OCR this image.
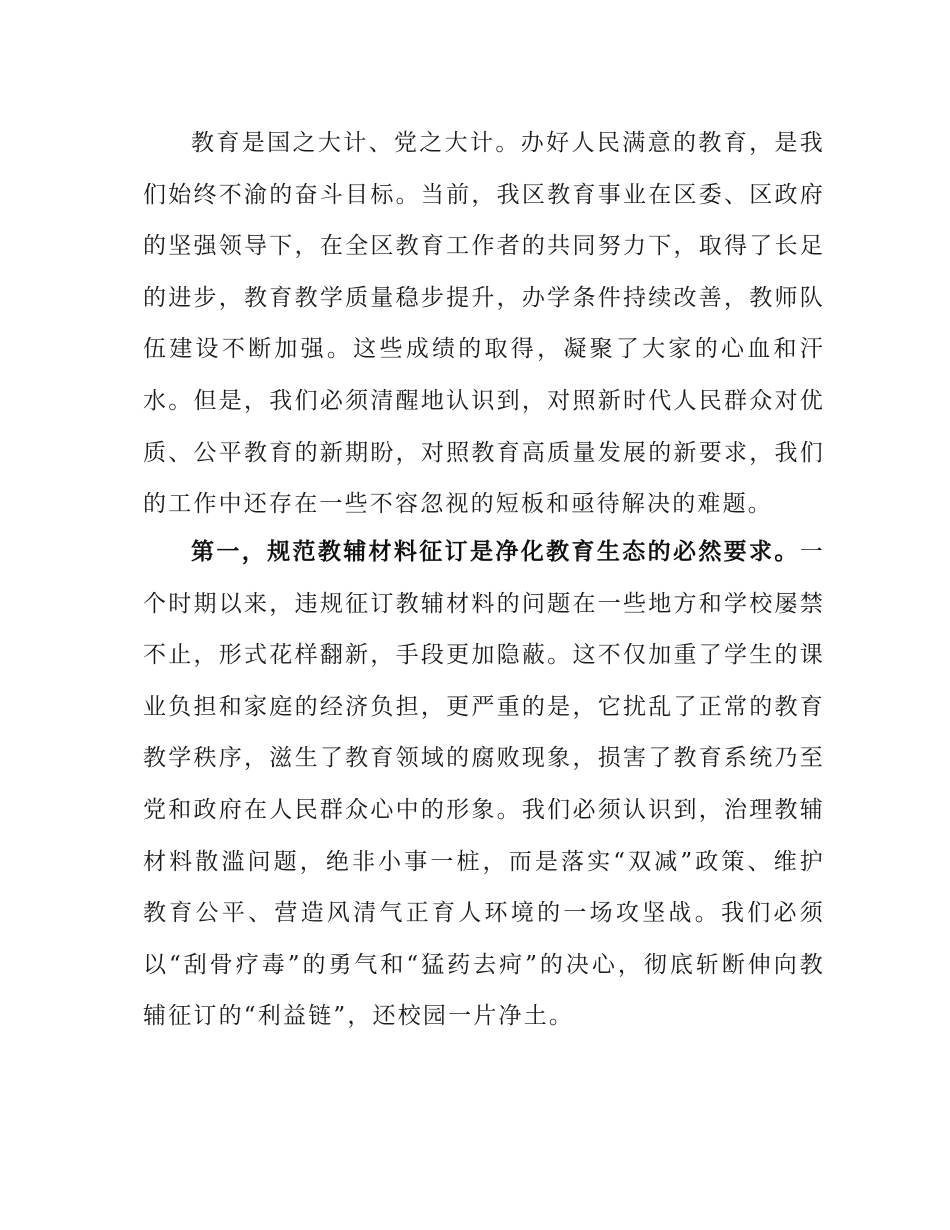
教育是国之大计、党之大计。办好人民满意的教育，是我们始终不渝的奋斗目标。当前，我区教育事业在区委、区政府的坚强领导下，在全区教育工作者的共同努力下，取得了长足的进步，教育教学质量稳步提升，办学条件持续改善，教师队伍建设不断加强。这些成绩的取得，凝聚了大家的心血和汗水。但是，我们必须清醒地认识到，对照新时代人民群众对优质、公平教育的新期盼，对照教育高质量发展的新要求，我们的工作中还存在一些不容忽视的短板和亟待解决的难题。

第一，规范教辅材料征订是净化教育生态的必然要求。一个时期以来，违规征订教辅材料的问题在一些地方和学校屡禁不止，形式花样翻新，手段更加隐蔽。这不仅加重了学生的课业负担和家庭的经济负担，更严重的是，它扰乱了正常的教育教学秩序，滋生了教育领域的腐败现象，损害了教育系统乃至党和政府在人民群众心中的形象。我们必须认识到，治理教辅材料散滥问题，绝非小事一桩，而是落实“双减”政策、维护教育公平、营造风清气正育人环境的一场攻坚战。我们必须以“刮骨疗毒”的勇气和“猛药去疴”的决心，彻底斩断伸向教辅征订的“利益链”，还校园一片净土。
